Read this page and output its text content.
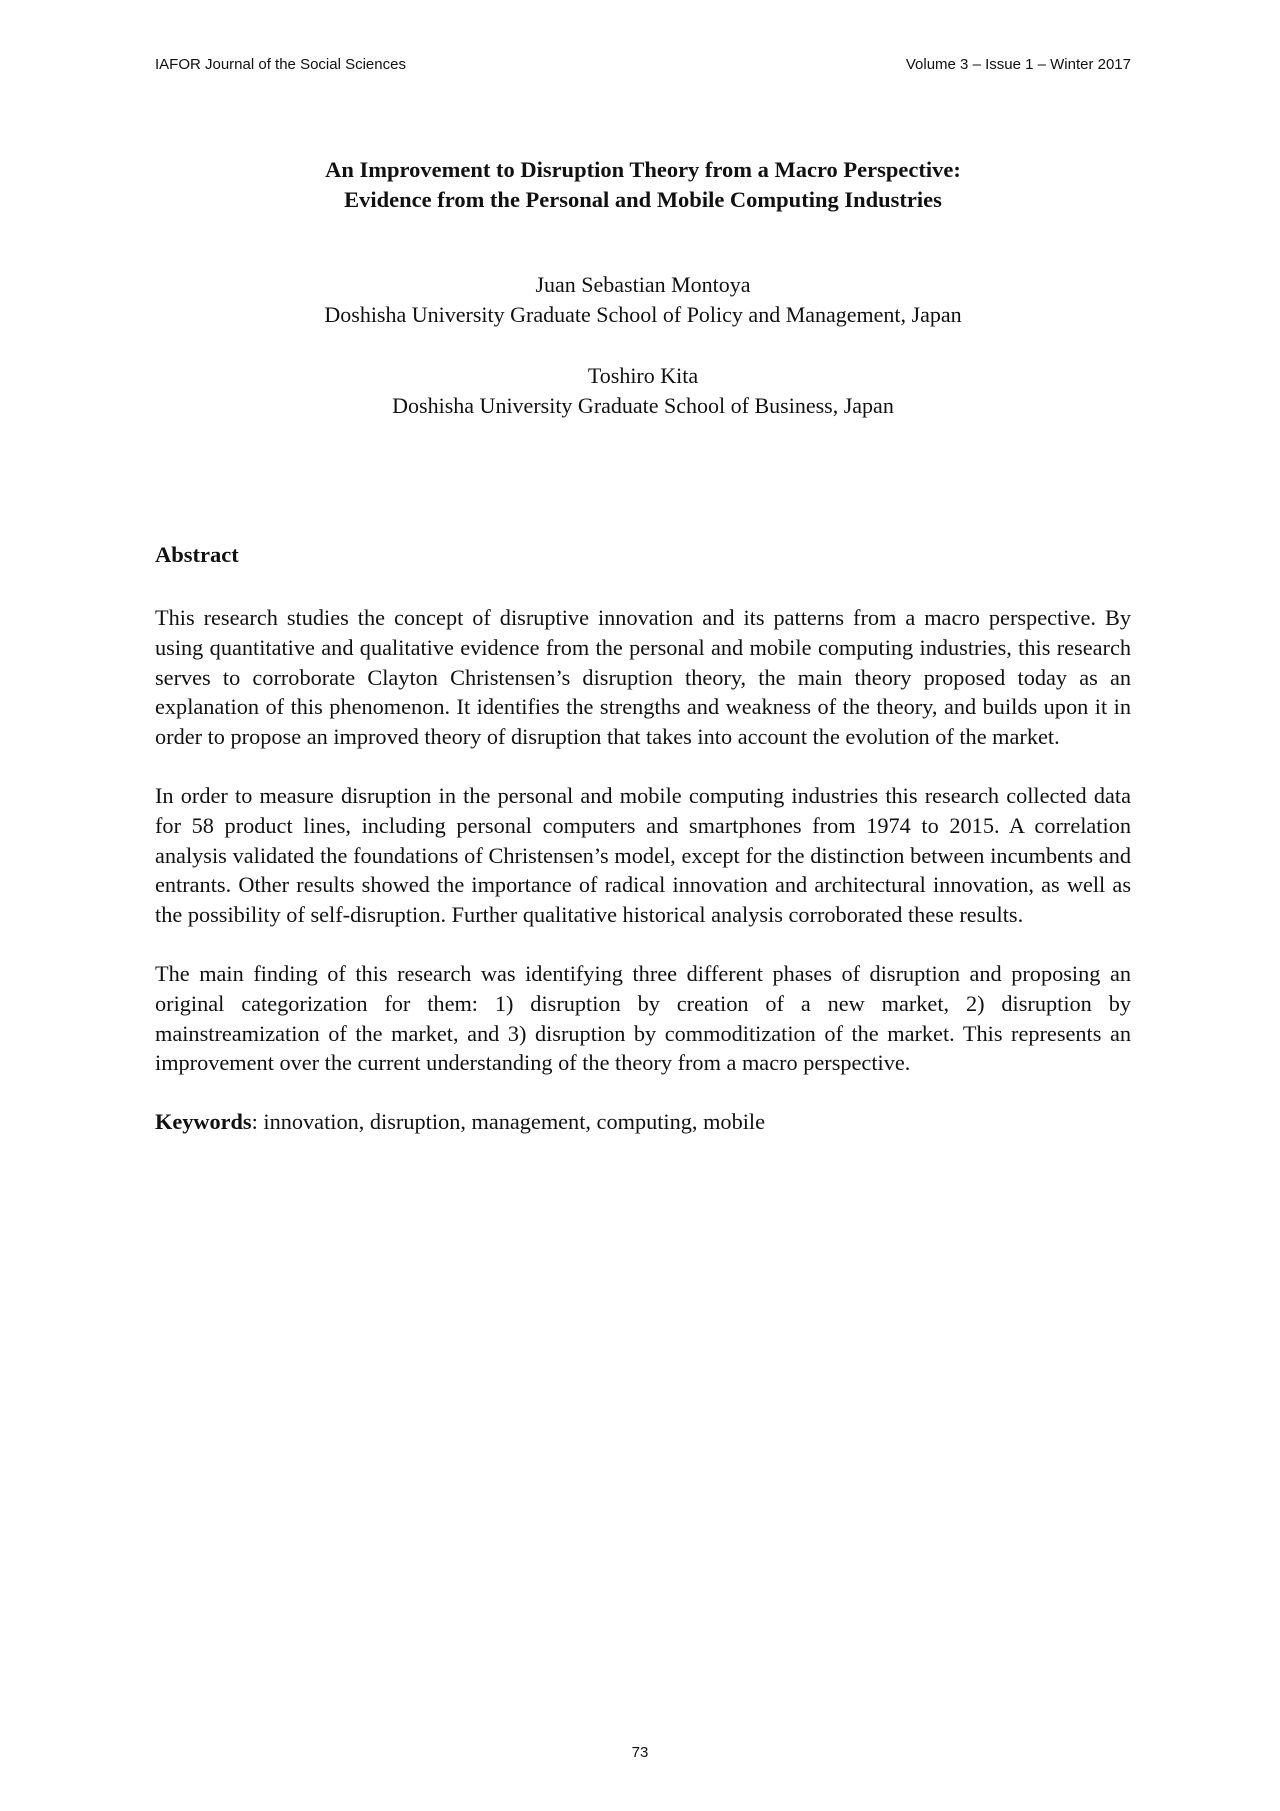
IAFOR Journal of the Social Sciences	Volume 3 – Issue 1 – Winter 2017
An Improvement to Disruption Theory from a Macro Perspective:
Evidence from the Personal and Mobile Computing Industries
Juan Sebastian Montoya
Doshisha University Graduate School of Policy and Management, Japan
Toshiro Kita
Doshisha University Graduate School of Business, Japan
Abstract

This research studies the concept of disruptive innovation and its patterns from a macro perspective. By using quantitative and qualitative evidence from the personal and mobile computing industries, this research serves to corroborate Clayton Christensen’s disruption theory, the main theory proposed today as an explanation of this phenomenon. It identifies the strengths and weakness of the theory, and builds upon it in order to propose an improved theory of disruption that takes into account the evolution of the market.

In order to measure disruption in the personal and mobile computing industries this research collected data for 58 product lines, including personal computers and smartphones from 1974 to 2015. A correlation analysis validated the foundations of Christensen’s model, except for the distinction between incumbents and entrants. Other results showed the importance of radical innovation and architectural innovation, as well as the possibility of self-disruption. Further qualitative historical analysis corroborated these results.

The main finding of this research was identifying three different phases of disruption and proposing an original categorization for them: 1) disruption by creation of a new market, 2) disruption by mainstreamization of the market, and 3) disruption by commoditization of the market. This represents an improvement over the current understanding of the theory from a macro perspective.

Keywords: innovation, disruption, management, computing, mobile

73
